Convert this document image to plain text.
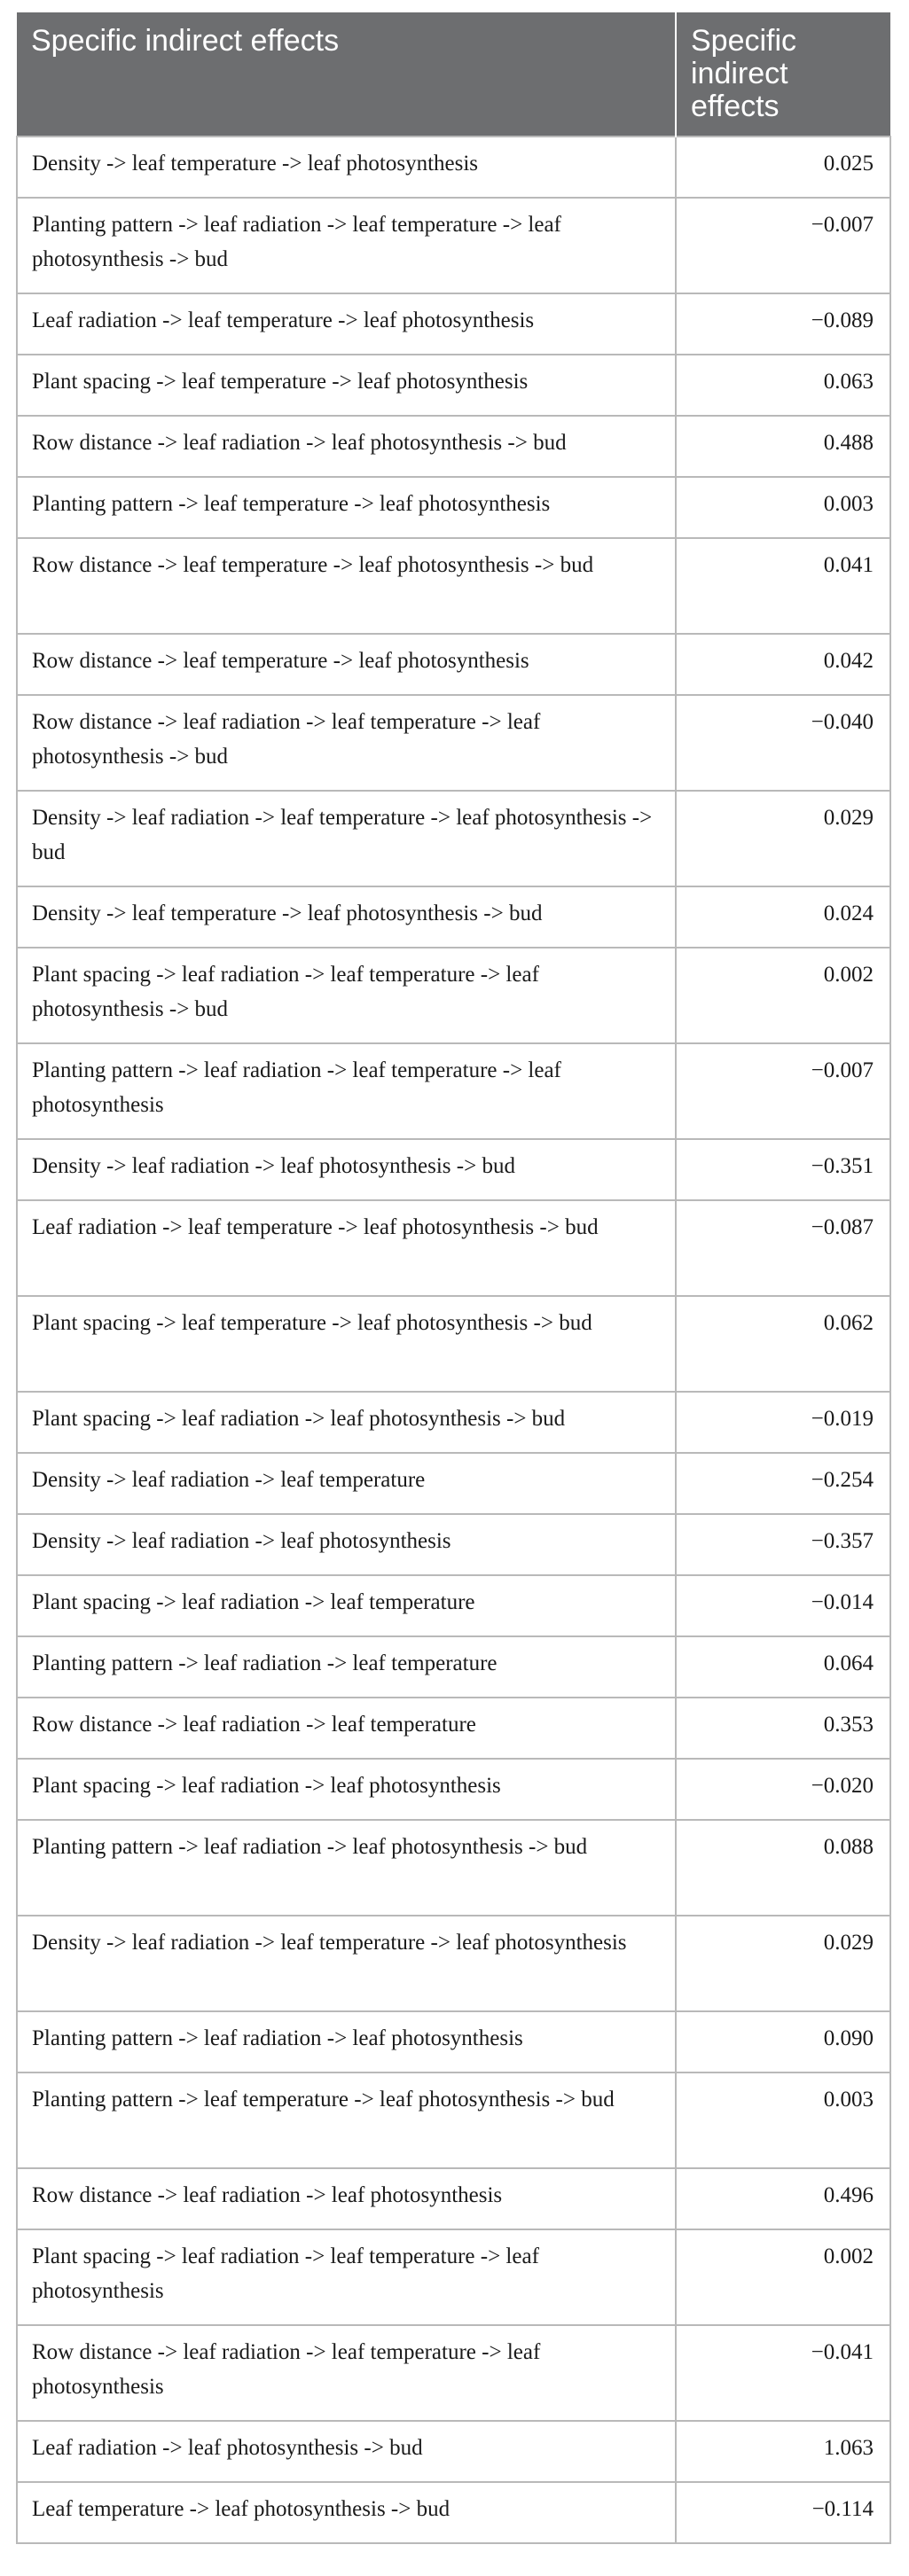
Specific indirect effects	Specific indirect effects
Density -> leaf temperature -> leaf photosynthesis	0.025
Planting pattern -> leaf radiation -> leaf temperature -> leaf photosynthesis -> bud	−0.007
Leaf radiation -> leaf temperature -> leaf photosynthesis	−0.089
Plant spacing -> leaf temperature -> leaf photosynthesis	0.063
Row distance -> leaf radiation -> leaf photosynthesis -> bud	0.488
Planting pattern -> leaf temperature -> leaf photosynthesis	0.003
Row distance -> leaf temperature -> leaf photosynthesis -> bud	0.041
Row distance -> leaf temperature -> leaf photosynthesis	0.042
Row distance -> leaf radiation -> leaf temperature -> leaf photosynthesis -> bud	−0.040
Density -> leaf radiation -> leaf temperature -> leaf photosynthesis -> bud	0.029
Density -> leaf temperature -> leaf photosynthesis -> bud	0.024
Plant spacing -> leaf radiation -> leaf temperature -> leaf photosynthesis -> bud	0.002
Planting pattern -> leaf radiation -> leaf temperature -> leaf photosynthesis	−0.007
Density -> leaf radiation -> leaf photosynthesis -> bud	−0.351
Leaf radiation -> leaf temperature -> leaf photosynthesis -> bud	−0.087
Plant spacing -> leaf temperature -> leaf photosynthesis -> bud	0.062
Plant spacing -> leaf radiation -> leaf photosynthesis -> bud	−0.019
Density -> leaf radiation -> leaf temperature	−0.254
Density -> leaf radiation -> leaf photosynthesis	−0.357
Plant spacing -> leaf radiation -> leaf temperature	−0.014
Planting pattern -> leaf radiation -> leaf temperature	0.064
Row distance -> leaf radiation -> leaf temperature	0.353
Plant spacing -> leaf radiation -> leaf photosynthesis	−0.020
Planting pattern -> leaf radiation -> leaf photosynthesis -> bud	0.088
Density -> leaf radiation -> leaf temperature -> leaf photosynthesis	0.029
Planting pattern -> leaf radiation -> leaf photosynthesis	0.090
Planting pattern -> leaf temperature -> leaf photosynthesis -> bud	0.003
Row distance -> leaf radiation -> leaf photosynthesis	0.496
Plant spacing -> leaf radiation -> leaf temperature -> leaf photosynthesis	0.002
Row distance -> leaf radiation -> leaf temperature -> leaf photosynthesis	−0.041
Leaf radiation -> leaf photosynthesis -> bud	1.063
Leaf temperature -> leaf photosynthesis -> bud	−0.114
